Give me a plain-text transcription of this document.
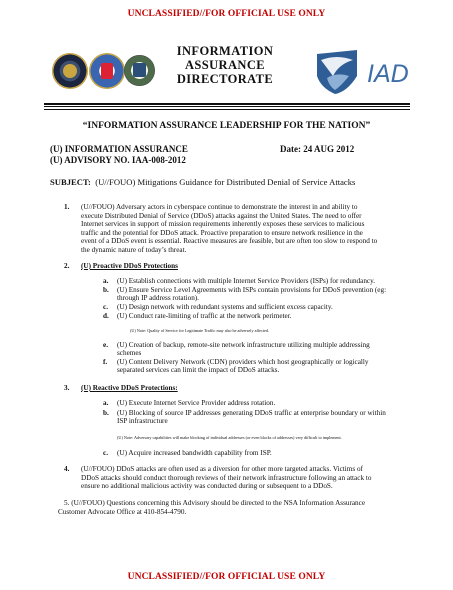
UNCLASSIFIED//FOR OFFICIAL USE ONLY
INFORMATION
ASSURANCE
DIRECTORATE	IAD
“INFORMATION ASSURANCE LEADERSHIP FOR THE NATION”
(U) INFORMATION ASSURANCE
(U) ADVISORY NO. IAA-008-2012
Date: 24 AUG 2012
SUBJECT: (U//FOUO) Mitigations Guidance for Distributed Denial of Service Attacks
1. (U//FOUO) Adversary actors in cyberspace continue to demonstrate the interest in and ability to
execute Distributed Denial of Service (DDoS) attacks against the United States. The need to offer
Internet services in support of mission requirements inherently exposes these services to malicious
traffic and the potential for DDoS attack. Proactive preparation to ensure network resilience in the
event of a DDoS event is essential. Reactive measures are feasible, but are often too slow to respond to
the dynamic nature of today’s threat.
2. (U) Proactive DDoS Protections
a. (U) Establish connections with multiple Internet Service Providers (ISPs) for redundancy.
b. (U) Ensure Service Level Agreements with ISPs contain provisions for DDoS prevention (eg:
through IP address rotation).
c. (U) Design network with redundant systems and sufficient excess capacity.
d. (U) Conduct rate-limiting of traffic at the network perimeter.
(U) Note: Quality of Service for Legitimate Traffic may also be adversely affected.
e. (U) Creation of backup, remote-site network infrastructure utilizing multiple addressing
schemes
f. (U) Content Delivery Network (CDN) providers which host geographically or logically
separated services can limit the impact of DDoS attacks.
3. (U) Reactive DDoS Protections:
a. (U) Execute Internet Service Provider address rotation.
b. (U) Blocking of source IP addresses generating DDoS traffic at enterprise boundary or within
ISP infrastructure
(U) Note: Adversary capabilities will make blocking of individual addresses (or even blocks of addresses) very difficult to implement.
c. (U) Acquire increased bandwidth capability from ISP.
4. (U//FOUO) DDoS attacks are often used as a diversion for other more targeted attacks. Victims of
DDoS attacks should conduct thorough reviews of their network infrastructure following an attack to
ensure no additional malicious activity was conducted during or subsequent to a DDoS.
5. (U//FOUO) Questions concerning this Advisory should be directed to the NSA Information Assurance
Customer Advocate Office at 410-854-4790.
UNCLASSIFIED//FOR OFFICIAL USE ONLY
